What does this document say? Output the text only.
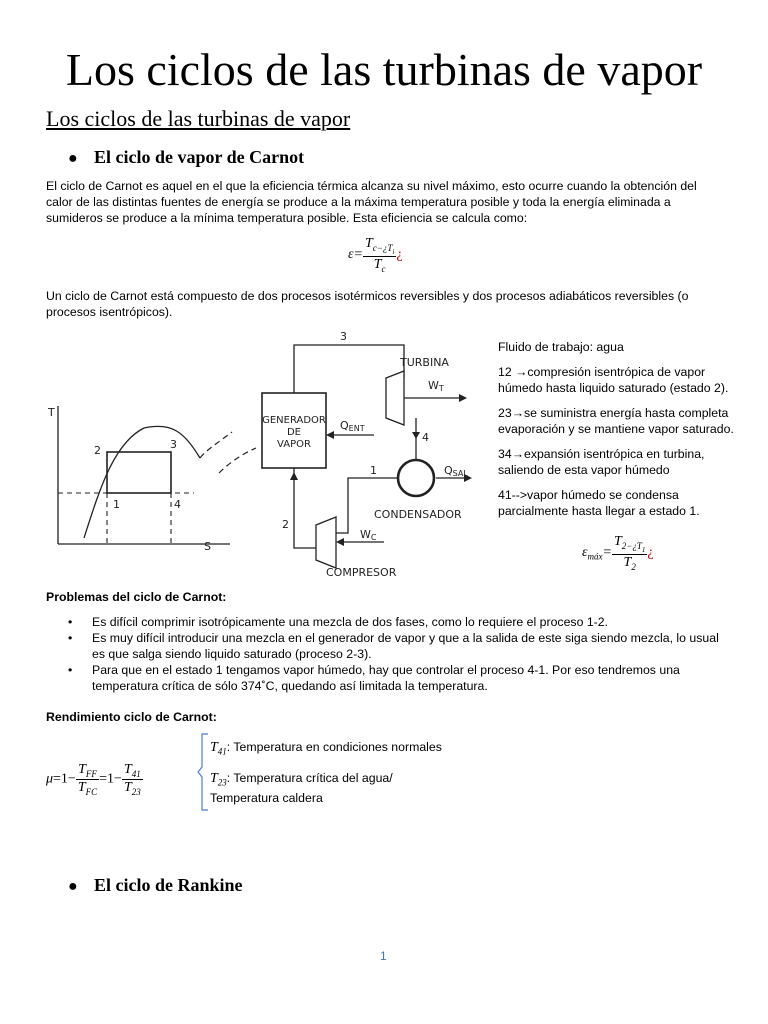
Los ciclos de las turbinas de vapor
Los ciclos de las turbinas de vapor
● El ciclo de vapor de Carnot
El ciclo de Carnot es aquel en el que la eficiencia térmica alcanza su nivel máximo, esto ocurre cuando la obtención del calor de las distintas fuentes de energía se produce a la máxima temperatura posible y toda la energía eliminada a sumideros se produce a la mínima temperatura posible. Esta eficiencia se calcula como:
$\varepsilon= \frac{T_{c-¿T_i}}{T_c}$ ¿
Un ciclo de Carnot está compuesto de dos procesos isotérmicos reversibles y dos procesos adiabáticos reversibles (o procesos isentrópicos).
T
S
2	3
1	4
3
TURBINA
WT
4
QSAL
CONDENSADOR
1
WC
COMPRESOR
2
GENERADOR
DE
VAPOR
QENT
Fluido de trabajo: agua
12 →compresión isentrópica de vapor húmedo hasta liquido saturado (estado 2).
23→se suministra energía hasta completa evaporación y se mantiene vapor saturado.
34→expansión isentrópica en turbina, saliendo de esta vapor húmedo
41-->vapor húmedo se condensa parcialmente hasta llegar a estado 1.
$\varepsilon_{máx}= \frac{T_{2-¿T_1}}{T_2}$ ¿
Problemas del ciclo de Carnot:
• Es difícil comprimir isotrópicamente una mezcla de dos fases, como lo requiere el proceso 1-2.
• Es muy difícil introducir una mezcla en el generador de vapor y que a la salida de este siga siendo mezcla, lo usual es que salga siendo liquido saturado (proceso 2-3).
• Para que en el estado 1 tengamos vapor húmedo, hay que controlar el proceso 4-1. Por eso tendremos una temperatura crítica de sólo 374˚C, quedando así limitada la temperatura.
Rendimiento ciclo de Carnot:
$\mu=1- \frac{T_{FF}}{T_{FC}} =1- \frac{T_{41}}{T_{23}}$
$T_{41}$: Temperatura en condiciones normales
$T_{23}$: Temperatura crítica del agua/
Temperatura caldera
● El ciclo de Rankine
1
